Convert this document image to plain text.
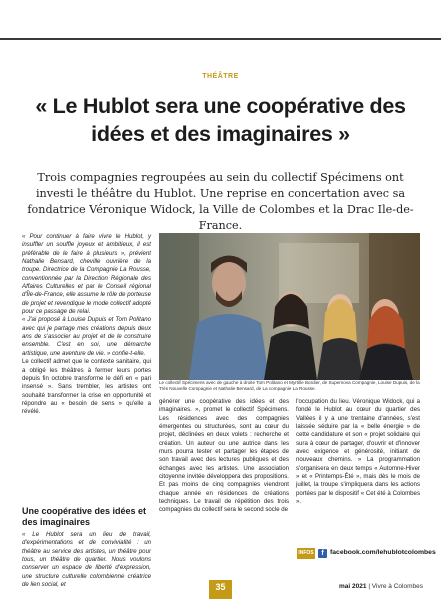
THÉÂTRE
« Le Hublot sera une coopérative des idées et des imaginaires »

Trois compagnies regroupées au sein du collectif Spécimens ont investi le théâtre du Hublot. Une reprise en concertation avec sa fondatrice Véronique Widock, la Ville de Colombes et la Drac Ile-de-France.

« Pour continuer à faire vivre le Hublot, y insuffler un souffle joyeux et ambitieux, il est préférable de le faire à plusieurs », prévient Nathalie Bensard, cheville ouvrière de la troupe. Directrice de la Compagnie La Rousse, conventionnée par la Direction Régionale des Affaires Culturelles et par le Conseil régional d'Île-de-France, elle assume le rôle de porteuse de projet et revendique le mode collectif adopté pour ce passage de relai.

« J'ai proposé à Louise Dupuis et Tom Politano avec qui je partage mes créations depuis deux ans de s'associer au projet et de le construire ensemble. C'est en soi, une démarche artistique, une aventure de vie. » confie-t-elle.

Le collectif admet que le contexte sanitaire, qui a obligé les théâtres à fermer leurs portes depuis fin octobre transforme le défi en « pari insensé ». Sans trembler, les artistes ont souhaité transformer la crise en opportunité et répondre au « besoin de sens » qu'elle a révélé.

Une coopérative des idées et des imaginaires

« Le Hublot sera un lieu de travail, d'expérimentations et de convivialité : un théâtre au service des artistes, un théâtre pour tous, un théâtre de quartier. Nous voulons conserver un espace de liberté d'expression, une structure culturelle colombienne créatrice de lien social, et

Le collectif Spécimens avec de gauche à droite Tom Politano et Myrtille Bordier, de Supernova Compagnie, Louise Dupuis, de la Très Nouvelle Compagnie et Nathalie Bensard, de La compagnie La Rousse.

générer une coopérative des idées et des imaginaires. », promet le collectif Spécimens. Les résidences avec des compagnies émergentes ou structurées, sont au cœur du projet, déclinées en deux volets : recherche et création. Un auteur ou une autrice dans les murs pourra tester et partager les étapes de son travail avec des lectures publiques et des échanges avec les artistes. Une association citoyenne invitée développera des propositions. Et pas moins de cinq compagnies viendront chaque année en résidences de créations techniques. Le travail de répétition des trois compagnies du collectif sera le second socle de

l'occupation du lieu. Véronique Widock, qui a fondé le Hublot au cœur du quartier des Vallées il y a une trentaine d'années, s'est laissée séduire par la « belle énergie » de cette candidature et son « projet solidaire qui sura à cœur de partager, d'ouvrir et d'innover avec exigence et générosité, initiant de nouveaux chemins. » La programmation s'organisera en deux temps « Automne-Hiver » et « Printemps-Été », mais dès le mois de juillet, la troupe s'impliquera dans les actions portées par le dispositif « Cet été à Colombes ».

INFOS	f facebook.com/lehublotcolombes
35	mai 2021 | Vivre à Colombes
